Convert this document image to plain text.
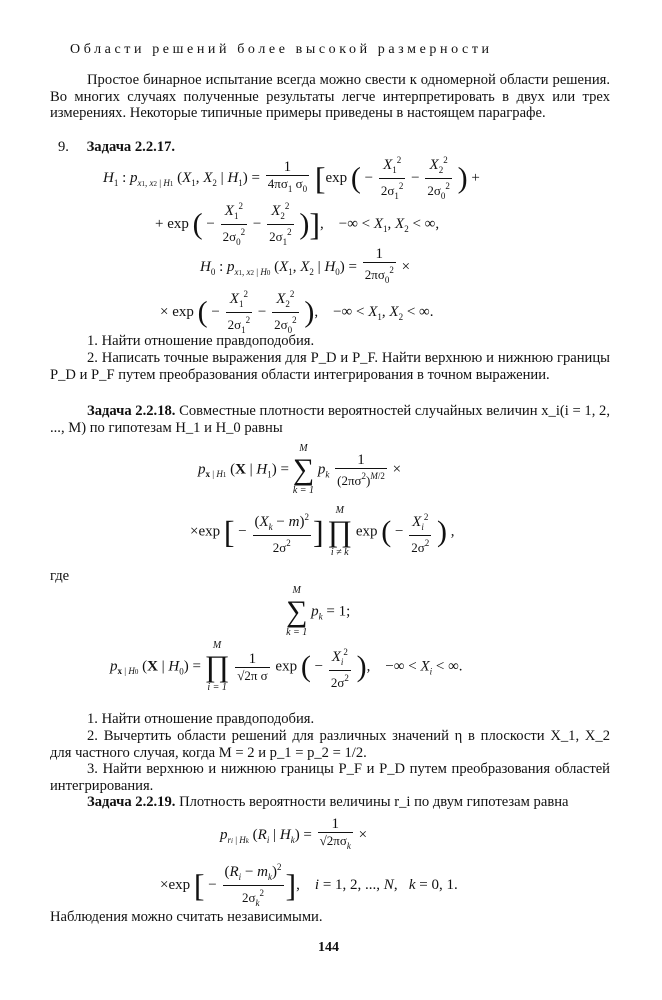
Области решений более высокой размерности
Простое бинарное испытание всегда можно свести к одномерной области решения. Во многих случаях полученные результаты легче интерпретировать в двух или трех измерениях. Некоторые типичные примеры приведены в настоящем параграфе.
9. Задача 2.2.17.
$H_1$ : $p_{x1, x2 | H1}$ ($X_1$, $X_2$ | $H_1) = \frac{1}{4\pi\sigma_1 \sigma_0} [\exp$ ( − $\frac{X_1^2}{2\sigma_1^2} - \frac{X_2^2}{2\sigma_0^2}$ ) +
+ exp ( − $\frac{X_1^2}{2\sigma_0^2} - \frac{X_2^2}{2\sigma_1^2}$ )],    −∞ < $X_1$, $X_2$ < ∞,
$H_0$ : $p_{x1, x2 | H0}$ ($X_1$, $X_2$ | $H_0) = \frac{1}{2\pi\sigma_0^2}$ ×
× exp ( − $\frac{X_1^2}{2\sigma_1^2} - \frac{X_2^2}{2\sigma_0^2}$ ),    −∞ < $X_1$, $X_2$ < ∞.
1. Найти отношение правдоподобия.
2. Написать точные выражения для P_D и P_F. Найти верхнюю и нижнюю границы P_D и P_F путем преобразования области интегрирования в точном выражении.
Задача 2.2.18. Совместные плотности вероятностей случайных величин x_i(i = 1, 2, ..., M) по гипотезам H_1 и H_0 равны
$p_{x | H1}$ (X | $H_1$) =
M
∑
k = 1
$p_k \frac{1}{(2\pi\sigma^2)^{M/2}}$ ×
×exp [ − $\frac{(X_k - m)^2}{2\sigma^2}$ ]
M
∏
i ≠ k
exp ( − $\frac{X_i^2}{2\sigma^2}$ ) ,
где
M
∑
k = 1
$p_k = 1$;
$p_{x | H0}$ (X | $H_0$) =
M
∏
i = 1

$\frac{1}{\text{√2π σ}}$ exp ( − $\frac{X_i^2}{2\sigma^2}$ ),    −∞ < $X_i$ < ∞.
1. Найти отношение правдоподобия.
2. Вычертить области решений для различных значений η в плоскости X_1, X_2 для частного случая, когда M = 2 и p_1 = p_2 = 1/2.
3. Найти верхнюю и нижнюю границы P_F и P_D путем преобразования областей интегрирования.
Задача 2.2.19. Плотность вероятности величины r_i по двум гипотезам равна
$p_{ri | Hk}$ ($R_i$ | $H_k) = \frac{1}{√2\pi\sigma_k}$ ×
×exp [ − $\frac{(R_i - m_k)^2}{2\sigma_k^2}$ ],    i = 1, 2, ..., N,   k = 0, 1.
Наблюдения можно считать независимыми.
144
